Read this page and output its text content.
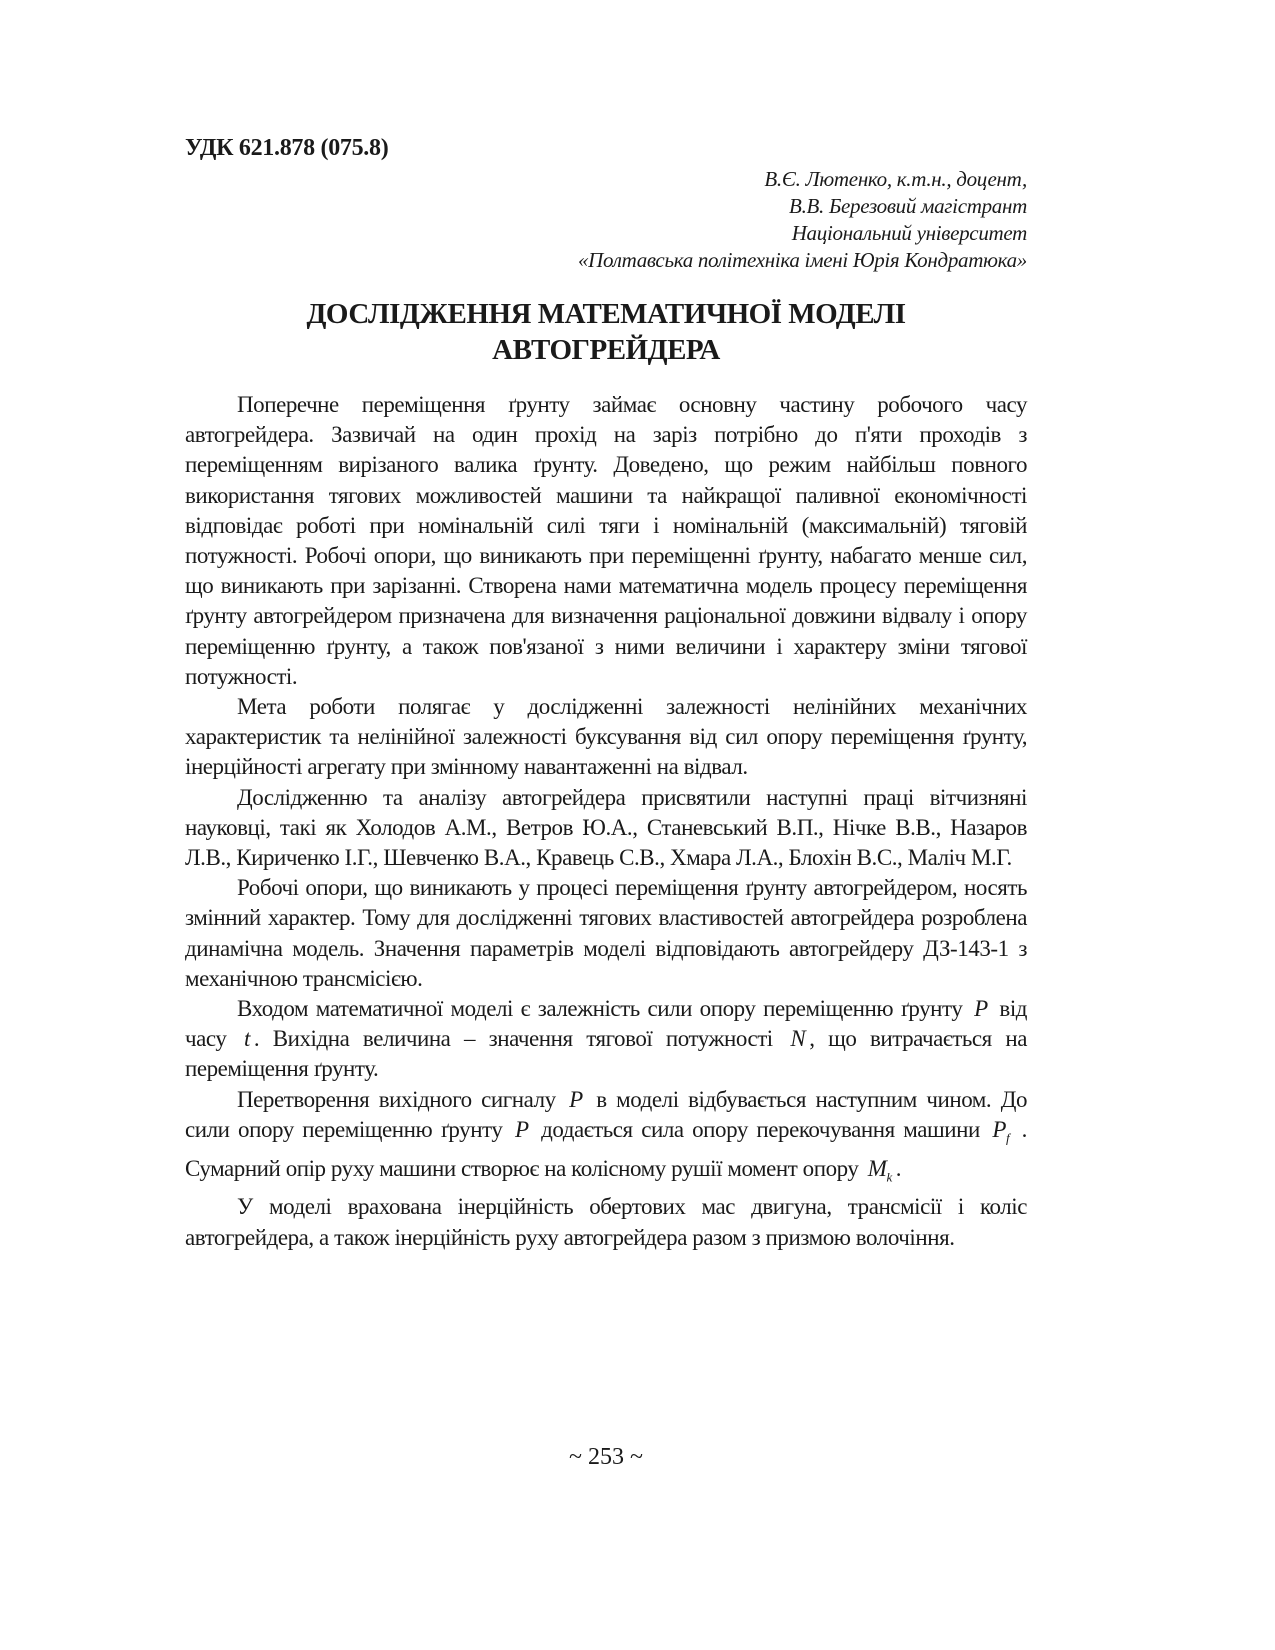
УДК 621.878 (075.8)
В.Є. Лютенко, к.т.н., доцент,
В.В. Березовий магістрант
Національний університет
«Полтавська політехніка імені Юрія Кондратюка»
ДОСЛІДЖЕННЯ МАТЕМАТИЧНОЇ МОДЕЛІ
АВТОГРЕЙДЕРА

Поперечне переміщення ґрунту займає основну частину робочого часу автогрейдера. Зазвичай на один прохід на заріз потрібно до п'яти проходів з переміщенням вирізаного валика ґрунту. Доведено, що режим найбільш повного використання тягових можливостей машини та найкращої паливної економічності відповідає роботі при номінальній силі тяги і номінальній (максимальній) тяговій потужності. Робочі опори, що виникають при переміщенні ґрунту, набагато менше сил, що виникають при зарізанні. Створена нами математична модель процесу переміщення ґрунту автогрейдером призначена для визначення раціональної довжини відвалу і опору переміщенню ґрунту, а також пов'язаної з ними величини і характеру зміни тягової потужності.

Мета роботи полягає у дослідженні залежності нелінійних механічних характеристик та нелінійної залежності буксування від сил опору переміщення ґрунту, інерційності агрегату при змінному навантаженні на відвал.

Дослідженню та аналізу автогрейдера присвятили наступні праці вітчизняні науковці, такі як Холодов А.М., Ветров Ю.А., Станевський В.П., Нічке В.В., Назаров Л.В., Кириченко І.Г., Шевченко В.А., Кравець С.В., Хмара Л.А., Блохін В.С., Маліч М.Г.

Робочі опори, що виникають у процесі переміщення ґрунту автогрейдером, носять змінний характер. Тому для дослідженні тягових властивостей автогрейдера розроблена динамічна модель. Значення параметрів моделі відповідають автогрейдеру ДЗ-143-1 з механічною трансмісією.

Входом математичної моделі є залежність сили опору переміщенню ґрунту P від часу t . Вихідна величина – значення тягової потужності N , що витрачається на переміщення ґрунту.

Перетворення вихідного сигналу P в моделі відбувається наступним чином. До сили опору переміщенню ґрунту P додається сила опору перекочування машини $P_f$ . Сумарний опір руху машини створює на колісному рушії момент опору $M_k$ .

У моделі врахована інерційність обертових мас двигуна, трансмісії і коліс автогрейдера, а також інерційність руху автогрейдера разом з призмою волочіння.

~ 253 ~
